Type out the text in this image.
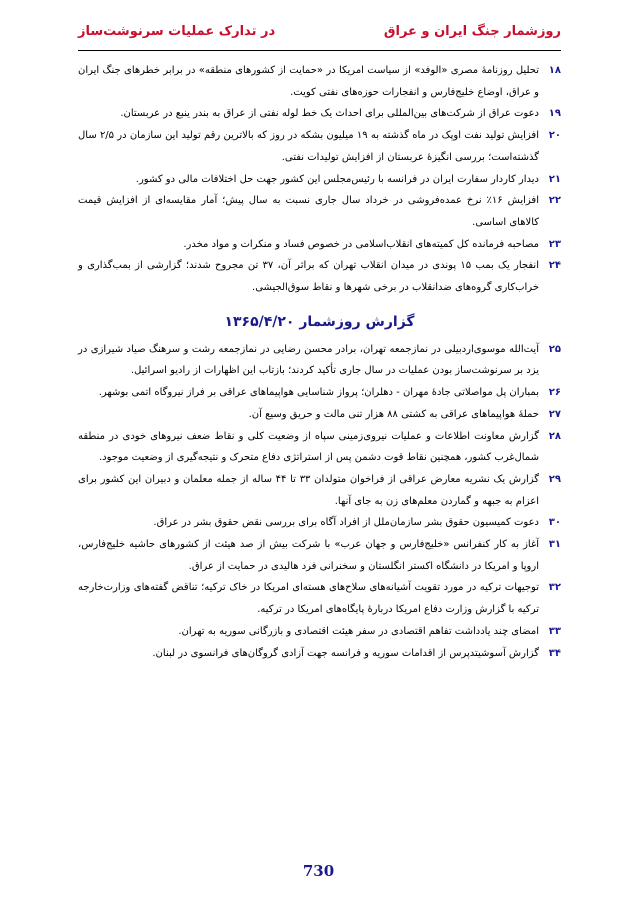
روزشمار جنگ ایران و عراق
در تدارک عملیات سرنوشت‌ساز
۱۸
تحلیل روزنامهٔ مصری «الوفد» از سیاست امریکا در «حمایت از کشورهای منطقه» در برابر خطرهای جنگ ایران و عراق، اوضاع خلیج‌فارس و انفجارات حوزه‌های نفتی کویت.
۱۹
دعوت عراق از شرکت‌های بین‌المللی برای احداث یک خط لوله نفتی از عراق به بندر ینبع در عربستان.
۲۰
افزایش تولید نفت اوپک در ماه گذشته به ۱۹ میلیون بشکه در روز که بالاترین رقم تولید این سازمان در ۲/۵ سال گذشته‌است؛ بررسی انگیزهٔ عربستان از افزایش تولیدات نفتی.
۲۱
دیدار کاردار سفارت ایران در فرانسه با رئیس‌مجلس این کشور جهت حل اختلافات مالی دو کشور.
۲۲
افزایش ۱۶٪ نرخ عمده‌فروشی در خرداد سال جاری نسبت به سال پیش؛ آمار مقایسه‌ای از افزایش قیمت کالاهای اساسی.
۲۳
مصاحبه فرمانده کل کمیته‌های انقلاب‌اسلامی در خصوص فساد و منکرات و مواد مخدر.
۲۴
انفجار یک بمب ۱۵ پوندی در میدان انقلاب تهران که براثر آن، ۳۷ تن مجروح شدند؛ گزارشی از بمب‌گذاری و خراب‌کاری گروه‌های ضدانقلاب در برخی شهرها و نقاط سوق‌الجیشی.
گزارش روزشمار ۱۳۶۵/۴/۲۰
۲۵
آیت‌الله موسوی‌اردبیلی در نمازجمعه تهران، برادر محسن رضایی در نمازجمعه رشت و سرهنگ صیاد شیرازی در یزد بر سرنوشت‌ساز بودن عملیات در سال جاری تأکید کردند؛ بازتاب این اظهارات از رادیو اسرائیل.
۲۶
بمباران پل مواصلاتی جادهٔ مهران - دهلران؛ پرواز شناسایی هواپیماهای عراقی بر فراز نیروگاه اتمی بوشهر.
۲۷
حملهٔ هواپیماهای عراقی به کشتی ۸۸ هزار تنی مالت و حریق وسیع آن.
۲۸
گزارش معاونت اطلاعات و عملیات نیروی‌زمینی سپاه از وضعیت کلی و نقاط ضعف نیروهای خودی در منطقه شمال‌غرب کشور، همچنین نقاط قوت دشمن پس از استراتژی دفاع متحرک و نتیجه‌گیری از وضعیت موجود.
۲۹
گزارش یک نشریه معارض عراقی از فراخوان متولدان ۳۳ تا ۴۴ ساله از جمله معلمان و دبیران این کشور برای اعزام به جبهه و گماردن معلم‌های زن به جای آنها.
۳۰
دعوت کمیسیون حقوق بشر سازمان‌ملل از افراد آگاه برای بررسی نقض حقوق بشر در عراق.
۳۱
آغاز به کار کنفرانس «خلیج‌فارس و جهان عرب» با شرکت بیش از صد هیئت از کشورهای حاشیه خلیج‌فارس، اروپا و امریکا در دانشگاه اکستر انگلستان و سخنرانی فرد هالیدی در حمایت از عراق.
۳۲
توجیهات ترکیه در مورد تقویت آشیانه‌های سلاح‌های هسته‌ای امریکا در خاک ترکیه؛ تناقض گفته‌های وزارت‌خارجه ترکیه با گزارش وزارت دفاع امریکا دربارهٔ پایگاه‌های امریکا در ترکیه.
۳۳
امضای چند یادداشت تفاهم اقتصادی در سفر هیئت اقتصادی و بازرگانی سوریه به تهران.
۳۴
گزارش آسوشیتدپرس از اقدامات سوریه و فرانسه جهت آزادی گروگان‌های فرانسوی در لبنان.
730
